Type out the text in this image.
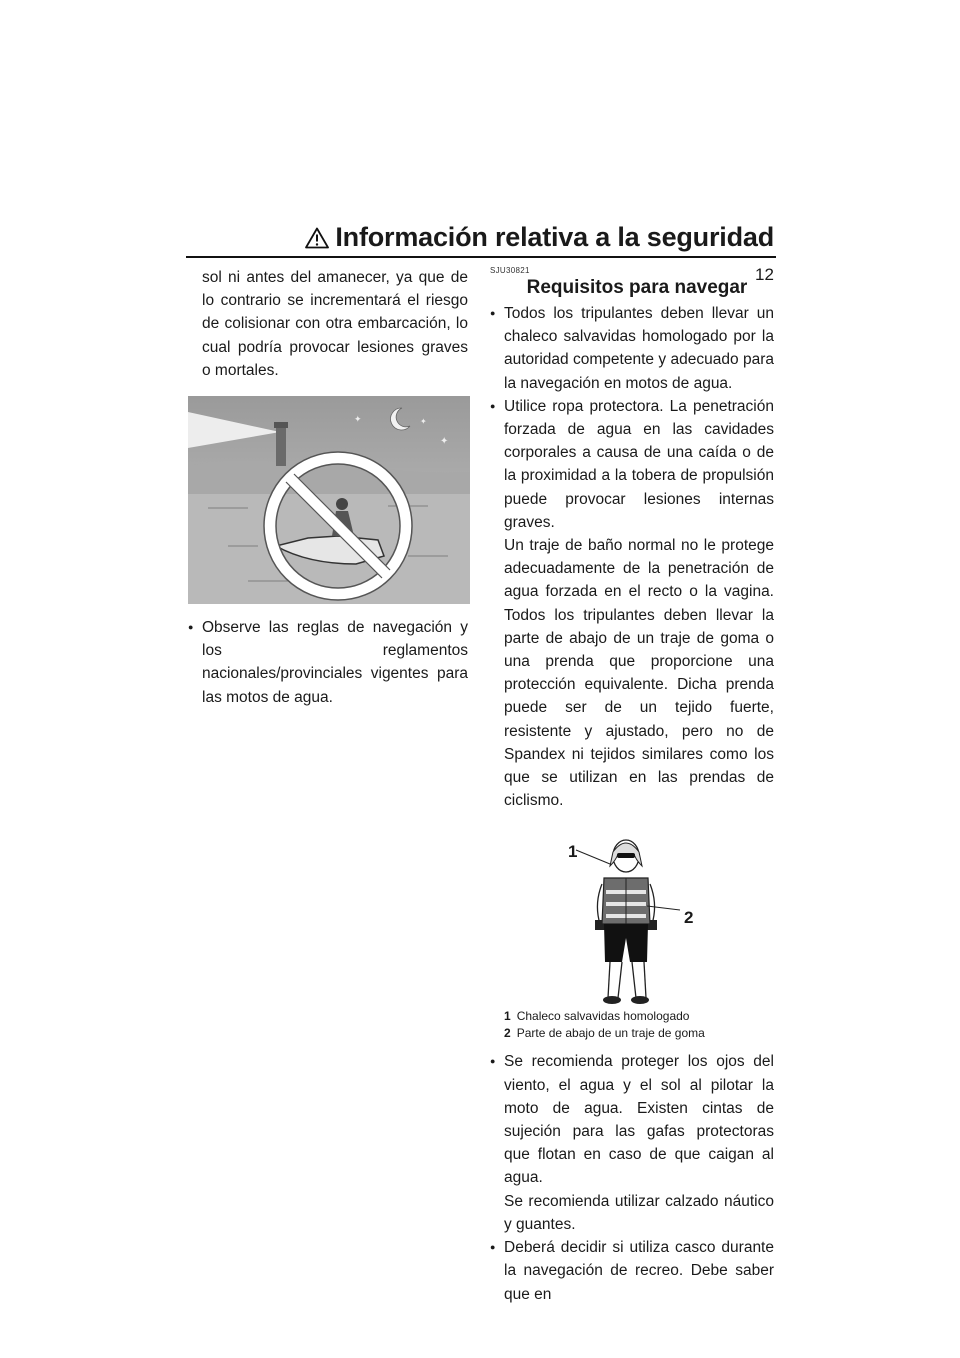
Información relativa a la seguridad
12

sol ni antes del amanecer, ya que de lo contrario se incrementará el riesgo de colisionar con otra embarcación, lo cual podría provocar lesiones graves o mortales.

✦	✦
✦

● Observe las reglas de navegación y los reglamentos nacionales/provinciales vigentes para las motos de agua.

SJU30821
Requisitos para navegar

● Todos los tripulantes deben llevar un chaleco salvavidas homologado por la autoridad competente y adecuado para la navegación en motos de agua.

● Utilice ropa protectora. La penetración forzada de agua en las cavidades corporales a causa de una caída o de la proximidad a la tobera de propulsión puede provocar lesiones internas graves.

Un traje de baño normal no le protege adecuadamente de la penetración de agua forzada en el recto o la vagina. Todos los tripulantes deben llevar la parte de abajo de un traje de goma o una prenda que proporcione una protección equivalente. Dicha prenda puede ser de un tejido fuerte, resistente y ajustado, pero no de Spandex ni tejidos similares como los que se utilizan en las prendas de ciclismo.

1
2
1 Chaleco salvavidas homologado
2 Parte de abajo de un traje de goma

● Se recomienda proteger los ojos del viento, el agua y el sol al pilotar la moto de agua. Existen cintas de sujeción para las gafas protectoras que flotan en caso de que caigan al agua.

Se recomienda utilizar calzado náutico y guantes.

● Deberá decidir si utiliza casco durante la navegación de recreo. Debe saber que en
